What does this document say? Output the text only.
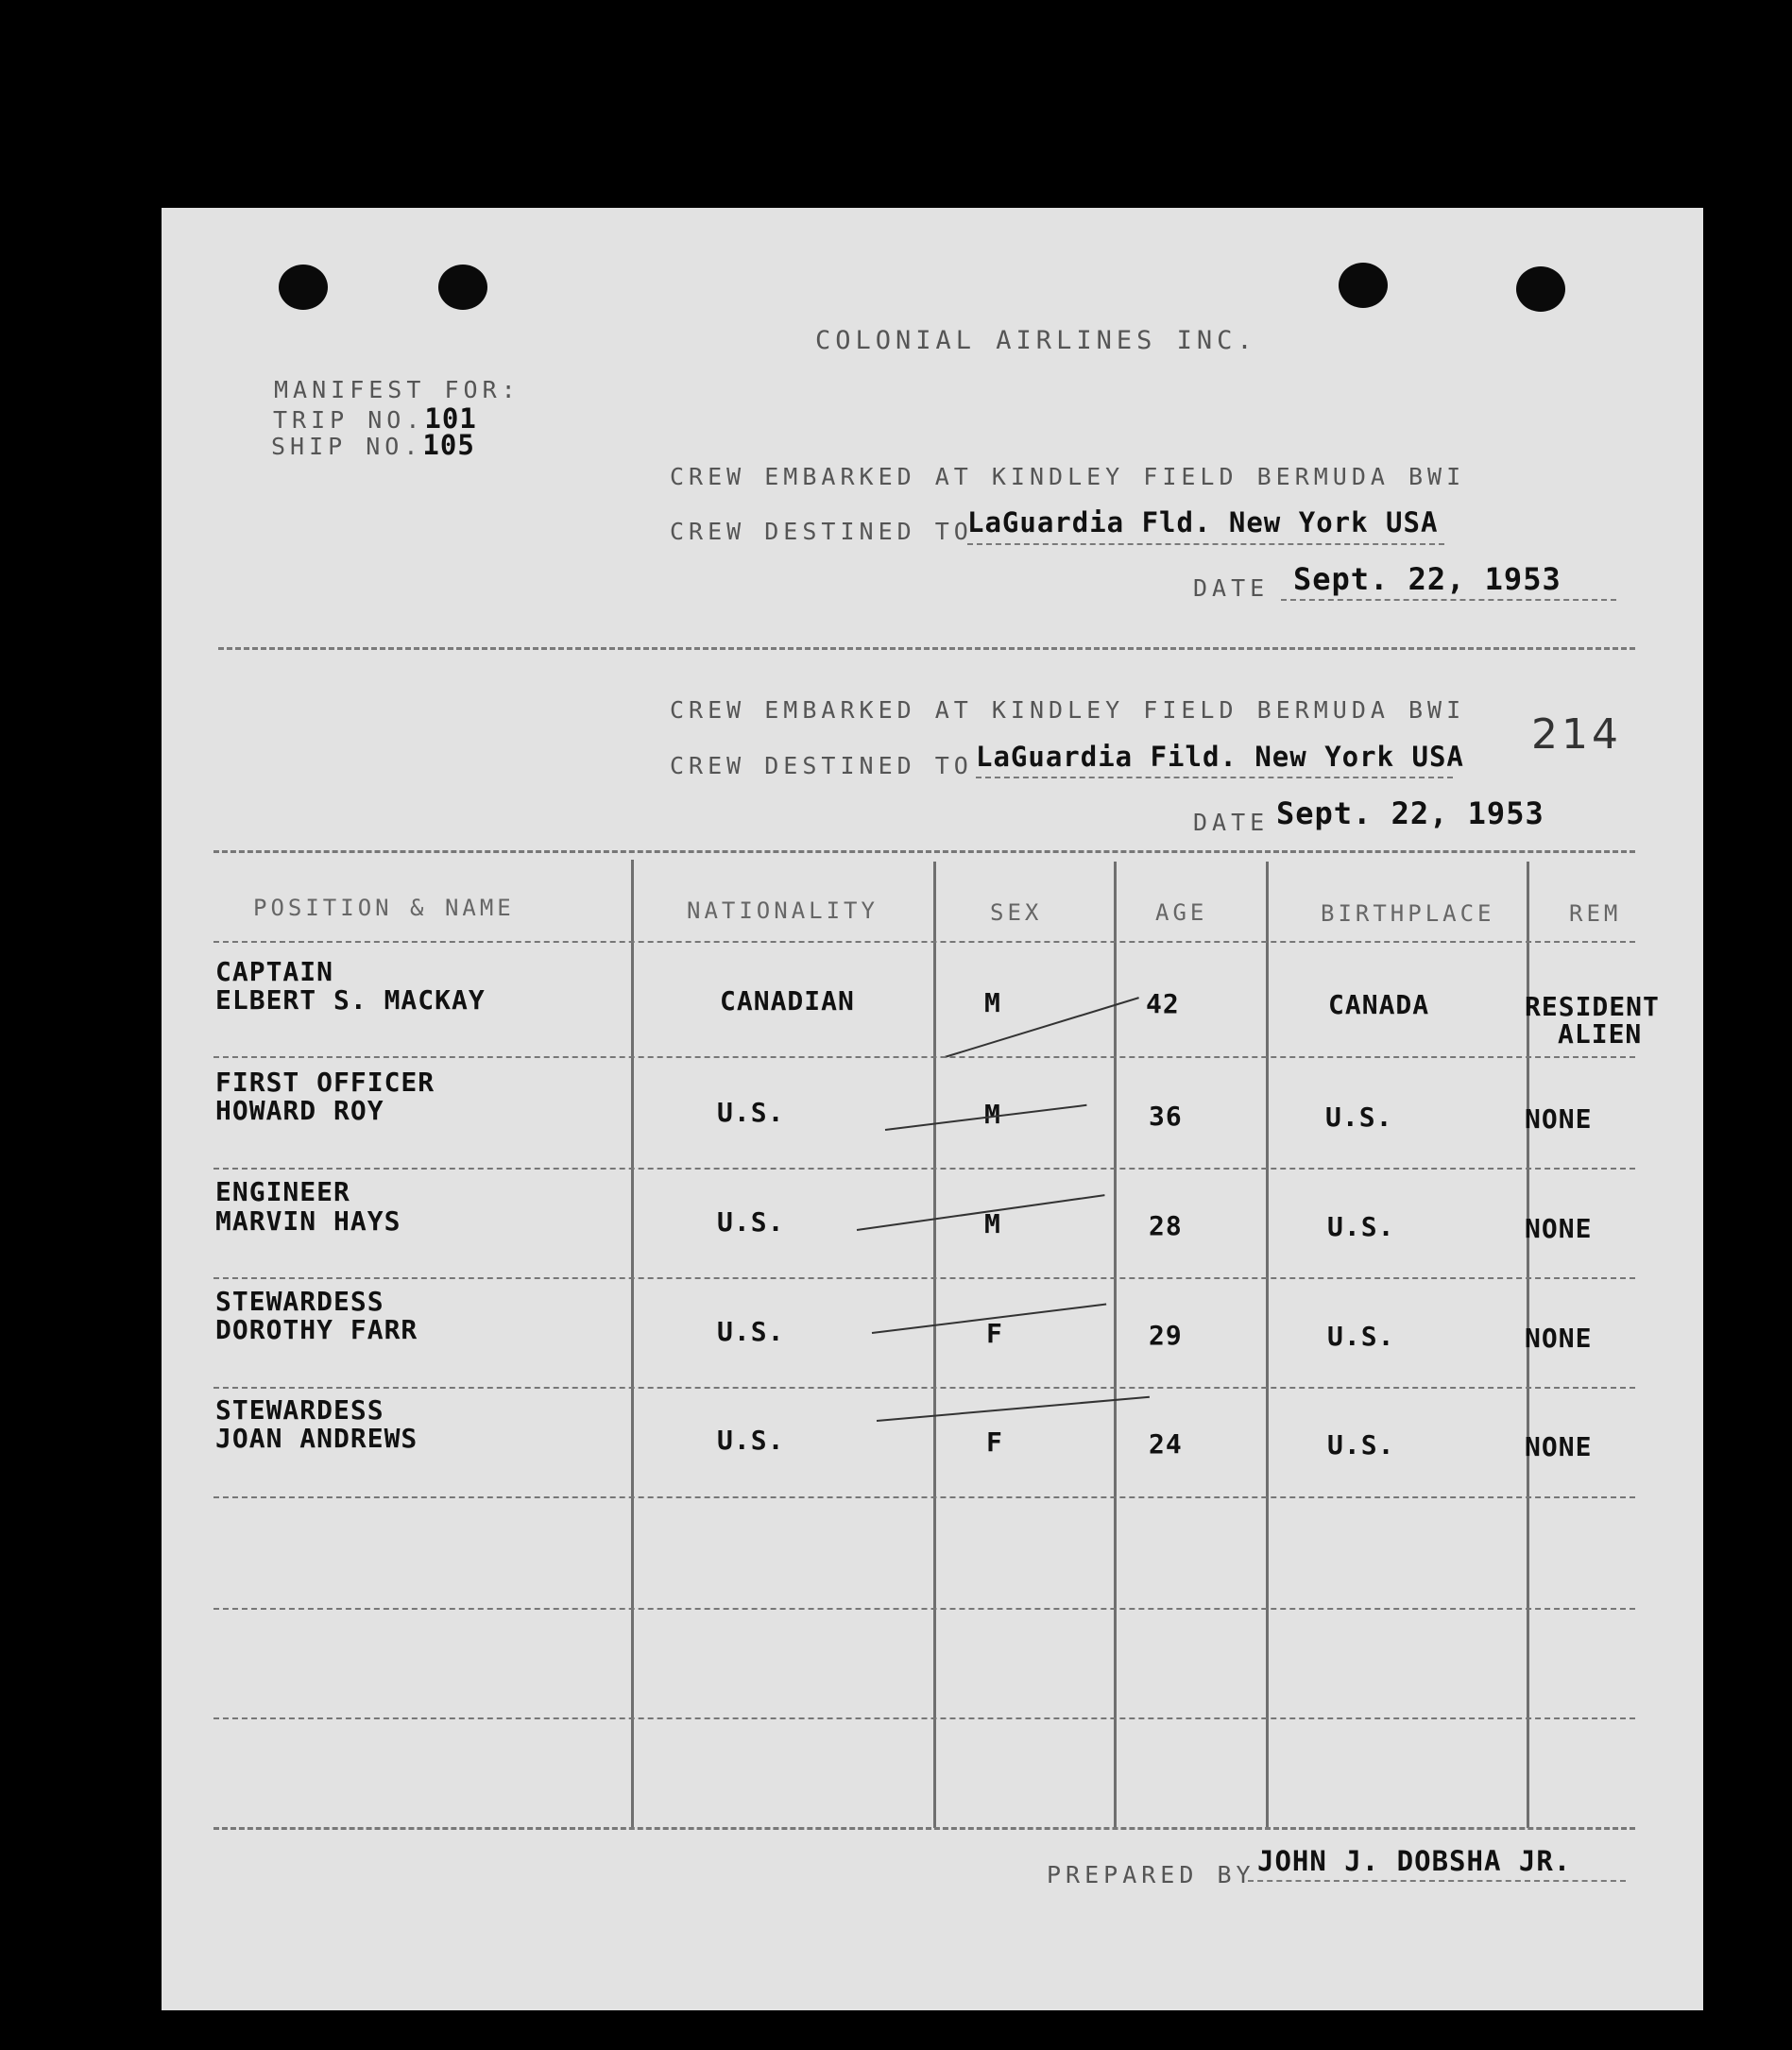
COLONIAL AIRLINES INC.
MANIFEST FOR:
TRIP NO.101
SHIP NO.105
CREW EMBARKED AT KINDLEY FIELD BERMUDA BWI
CREW DESTINED TO
LaGuardia Fld. New York USA
DATE Sept. 22, 1953
CREW EMBARKED AT KINDLEY FIELD BERMUDA BWI
214
CREW DESTINED TO LaGuardia Fild. New York USA
DATE Sept. 22, 1953
POSITION & NAME	NATIONALITY	SEX	AGE	BIRTHPLACE	REM
CAPTAIN
ELBERT S. MACKAY	CANADIAN	M	42	CANADA	RESIDENT
ALIEN
FIRST OFFICER
HOWARD ROY	U.S.	M	36	U.S.	NONE
ENGINEER
MARVIN HAYS	U.S.	M	28	U.S.	NONE
STEWARDESS
DOROTHY FARR	U.S.	F	29	U.S.	NONE
STEWARDESS
JOAN ANDREWS	U.S.	F	24	U.S.	NONE
PREPARED BY JOHN J. DOBSHA JR.
